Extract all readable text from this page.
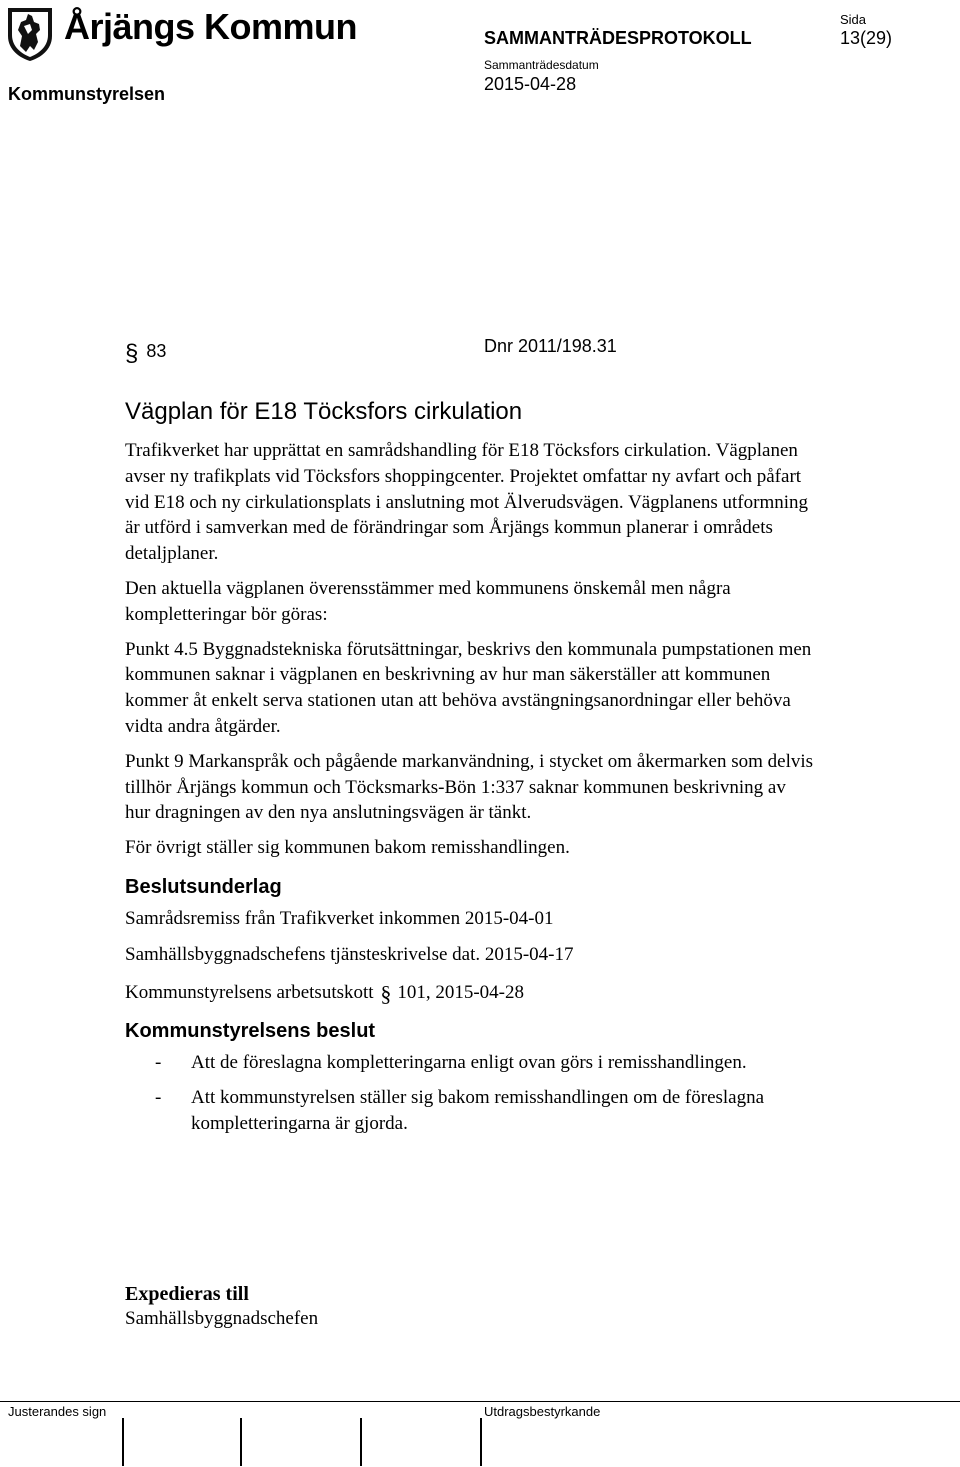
Årjängs Kommun	SAMMANTRÄDESPROTOKOLL
Sida
13(29)
Kommunstyrelsen
Sammanträdesdatum
2015-04-28
§ 83	Dnr 2011/198.31
Vägplan för E18 Töcksfors cirkulation

Trafikverket har upprättat en samrådshandling för E18 Töcksfors cirkulation. Vägplanen avser ny trafikplats vid Töcksfors shoppingcenter. Projektet omfattar ny avfart och påfart vid E18 och ny cirkulationsplats i anslutning mot Älverudsvägen. Vägplanens utformning är utförd i samverkan med de förändringar som Årjängs kommun planerar i områdets detaljplaner.

Den aktuella vägplanen överensstämmer med kommunens önskemål men några kompletteringar bör göras:

Punkt 4.5 Byggnadstekniska förutsättningar, beskrivs den kommunala pumpstationen men kommunen saknar i vägplanen en beskrivning av hur man säkerställer att kommunen kommer åt enkelt serva stationen utan att behöva avstängningsanordningar eller behöva vidta andra åtgärder.

Punkt 9 Markanspråk och pågående markanvändning, i stycket om åkermarken som delvis tillhör Årjängs kommun och Töcksmarks-Bön 1:337 saknar kommunen beskrivning av hur dragningen av den nya anslutningsvägen är tänkt.

För övrigt ställer sig kommunen bakom remisshandlingen.

Beslutsunderlag

Samrådsremiss från Trafikverket inkommen 2015-04-01

Samhällsbyggnadschefens tjänsteskrivelse dat. 2015-04-17

Kommunstyrelsens arbetsutskott § 101, 2015-04-28

Kommunstyrelsens beslut
- Att de föreslagna kompletteringarna enligt ovan görs i remisshandlingen.
- Att kommunstyrelsen ställer sig bakom remisshandlingen om de föreslagna kompletteringarna är gjorda.
Expedieras till
Samhällsbyggnadschefen
Justerandes sign	Utdragsbestyrkande
